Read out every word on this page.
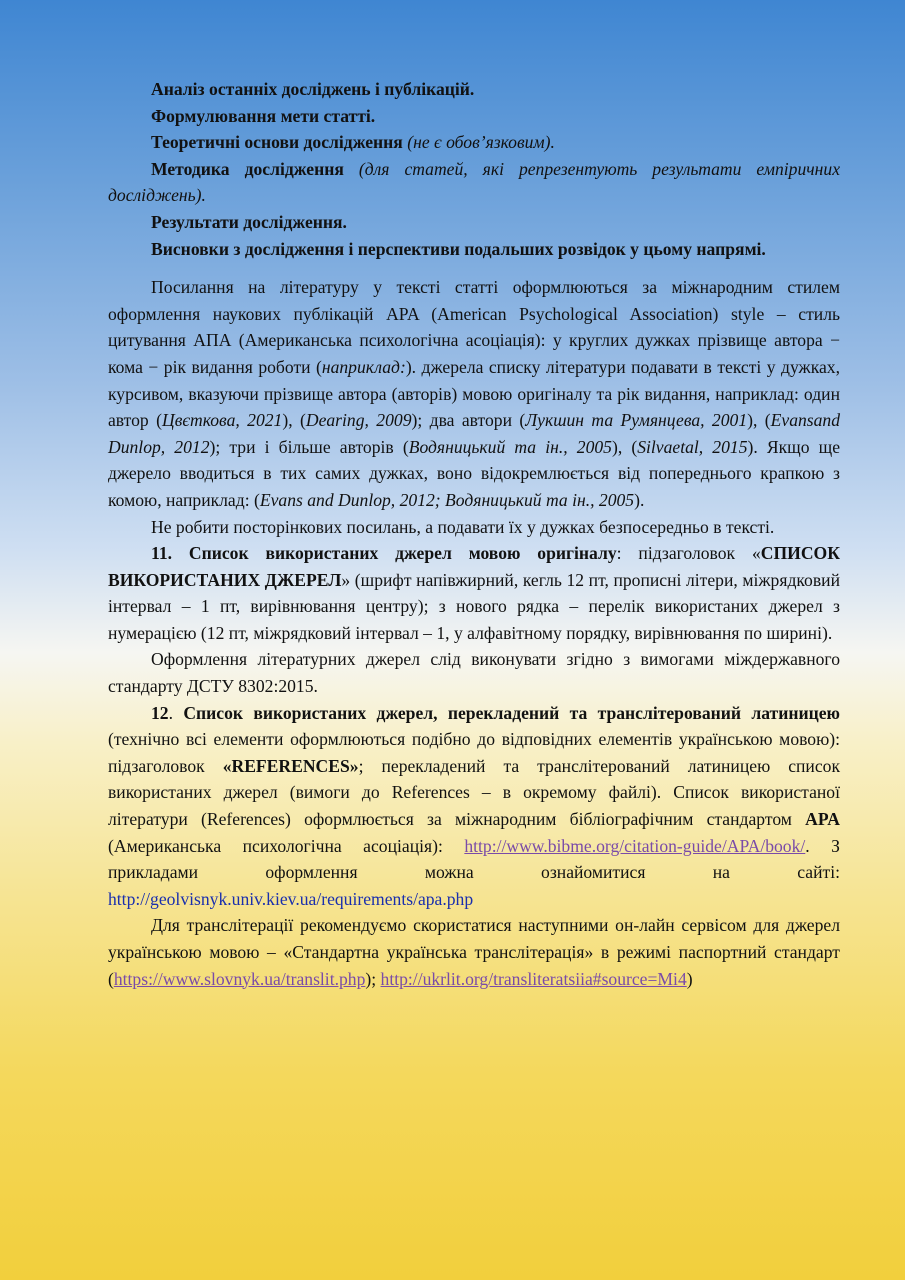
Аналіз останніх досліджень і публікацій.

Формулювання мети статті.

Теоретичні основи дослідження (не є обов’язковим).

Методика дослідження (для статей, які репрезентують результати емпіричних досліджень).

Результати дослідження.

Висновки з дослідження і перспективи подальших розвідок у цьому напрямі.

Посилання на літературу у тексті статті оформлюються за міжнародним стилем оформлення наукових публікацій APA (American Psychological Association) style – стиль цитування АПА (Американська психологічна асоціація): у круглих дужках прізвище автора − кома − рік видання роботи (наприклад:). джерела списку літератури подавати в тексті у дужках, курсивом, вказуючи прізвище автора (авторів) мовою оригіналу та рік видання, наприклад: один автор (Цвєткова, 2021), (Dearing, 2009); два автори (Лукшин та Румянцева, 2001), (Evansand Dunlop, 2012); три і більше авторів (Водяницький та ін., 2005), (Silvaetal, 2015). Якщо ще джерело вводиться в тих самих дужках, воно відокремлюється від попереднього крапкою з комою, наприклад: (Evans and Dunlop, 2012; Водяницький та ін., 2005).

Не робити посторінкових посилань, а подавати їх у дужках безпосередньо в тексті.

11. Список використаних джерел мовою оригіналу: підзаголовок «СПИСОК ВИКОРИСТАНИХ ДЖЕРЕЛ» (шрифт напівжирний, кегль 12 пт, прописні літери, міжрядковий інтервал – 1 пт, вирівнювання центру); з нового рядка – перелік використаних джерел з нумерацією (12 пт, міжрядковий інтервал – 1, у алфавітному порядку, вирівнювання по ширині).

Оформлення літературних джерел слід виконувати згідно з вимогами міждержавного стандарту ДСТУ 8302:2015.

12. Список використаних джерел, перекладений та транслітерований латиницею (технічно всі елементи оформлюються подібно до відповідних елементів українською мовою): підзаголовок «REFERENCES»; перекладений та транслітерований латиницею список використаних джерел (вимоги до References – в окремому файлі). Список використаної літератури (References) оформлюється за міжнародним бібліографічним стандартом APA (Американська психологічна асоціація): http://www.bibme.org/citation-guide/APA/book/. З прикладами оформлення можна ознайомитися на сайті: http://geolvisnyk.univ.kiev.ua/requirements/apa.php

Для транслітерації рекомендуємо скористатися наступними он-лайн сервісом для джерел українською мовою – «Стандартна українська транслітерація» в режимі паспортний стандарт (https://www.slovnyk.ua/translit.php); http://ukrlit.org/transliteratsiia#source=Mi4)
